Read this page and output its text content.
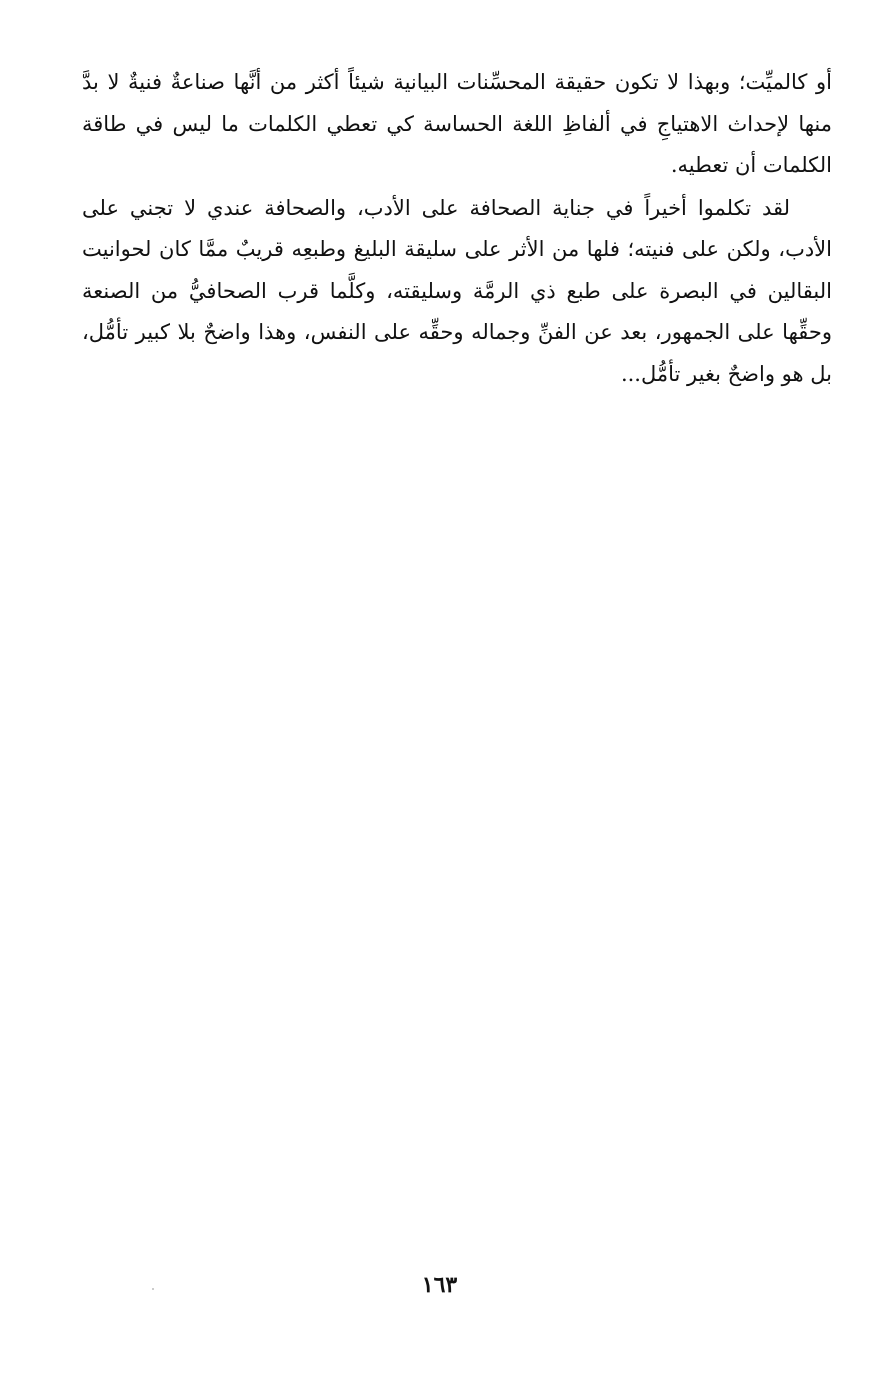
أو كالميِّت؛ وبهذا لا تكون حقيقة المحسِّنات البيانية شيئاً أكثر من أنَّها صناعةٌ فنيةٌ لا بدَّ منها لإحداث الاهتياجِ في ألفاظِ اللغة الحساسة كي تعطي الكلمات ما ليس في طاقة الكلمات أن تعطيه.

لقد تكلموا أخيراً في جناية الصحافة على الأدب، والصحافة عندي لا تجني على الأدب، ولكن على فنيته؛ فلها من الأثر على سليقة البليغ وطبعِه قريبٌ ممَّا كان لحوانيت البقالين في البصرة على طبع ذي الرمَّة وسليقته، وكلَّما قرب الصحافيُّ من الصنعة وحقِّها على الجمهور، بعد عن الفنِّ وجماله وحقِّه على النفس، وهذا واضحٌ بلا كبير تأمُّل، بل هو واضحٌ بغير تأمُّل...

١٦٣
